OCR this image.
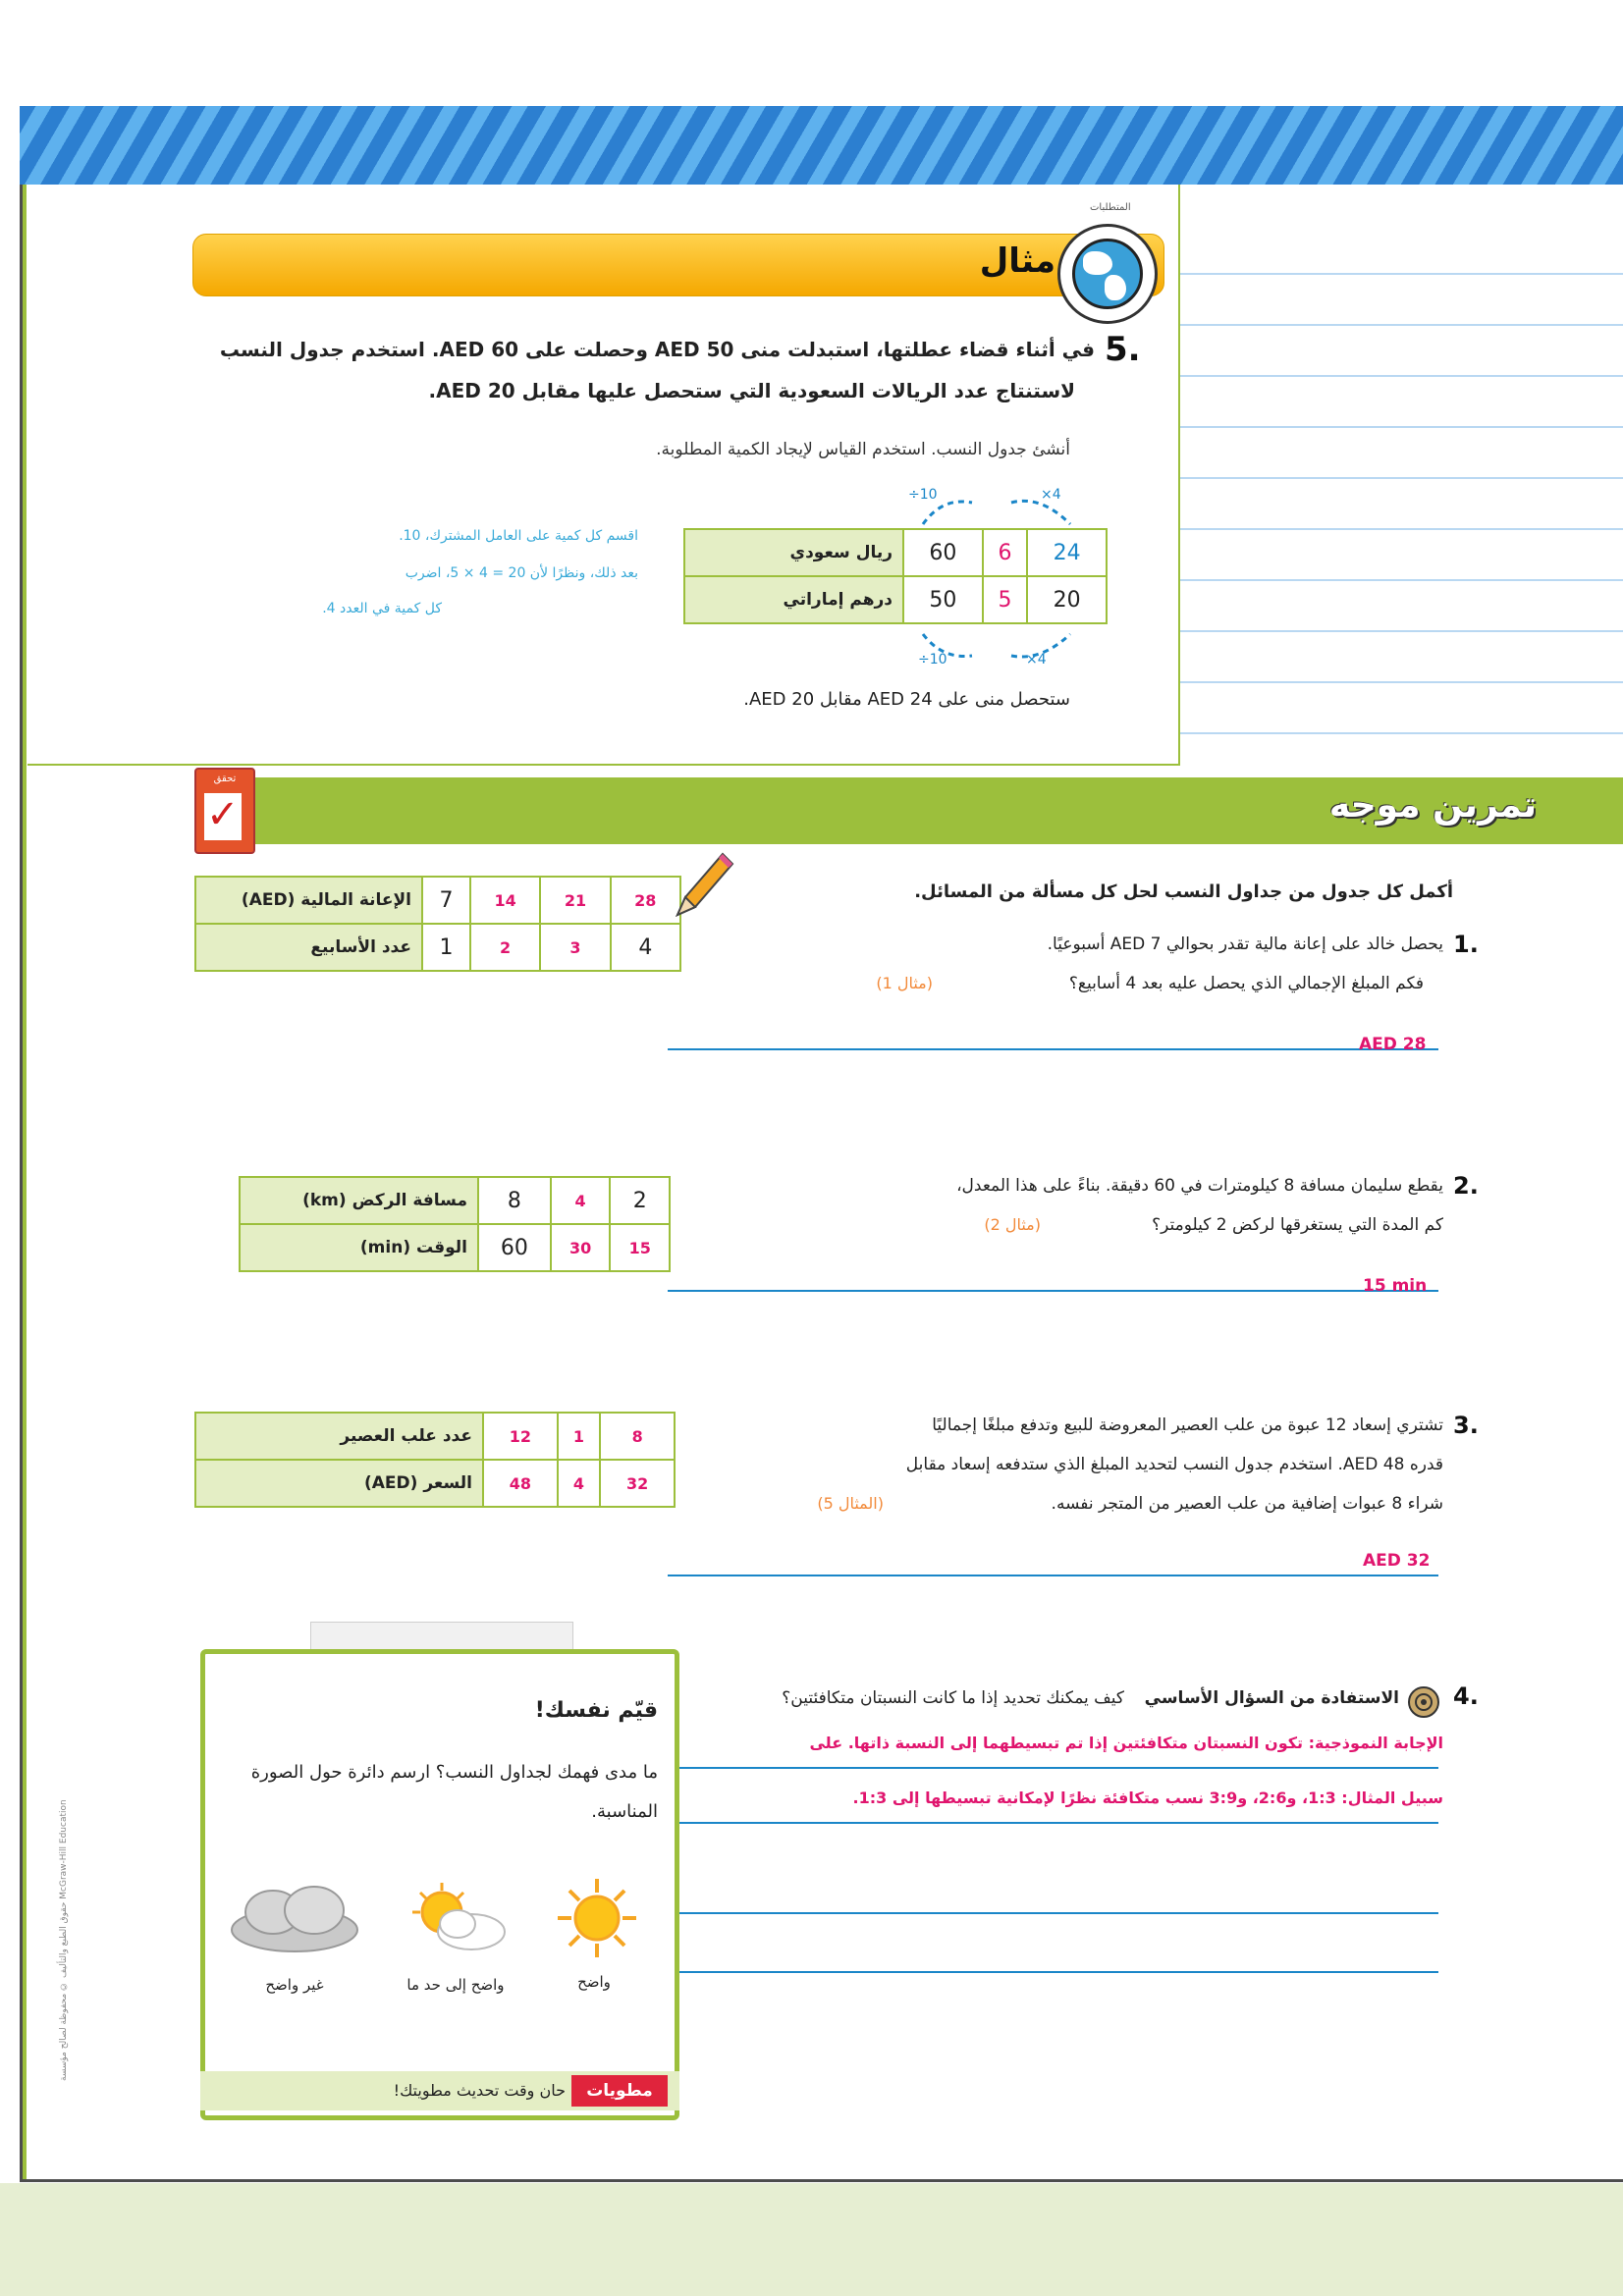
مثال
المتطلبات
5.
في أثناء قضاء عطلتها، استبدلت منى 50 AED وحصلت على 60 AED. استخدم جدول النسب
لاستنتاج عدد الريالات السعودية التي ستحصل عليها مقابل 20 AED.
أنشئ جدول النسب. استخدم القياس لإيجاد الكمية المطلوبة.
اقسم كل كمية على العامل المشترك، 10.
بعد ذلك، ونظرًا لأن 20 = 4 × 5، اضرب
كل كمية في العدد 4.
÷10	×4
ريال سعودي	60	6	24
درهم إماراتي	50	5	20
÷10	×4
ستحصل منى على 24 AED مقابل 20 AED.
تمرين موجه
تحقق
✓
أكمل كل جدول من جداول النسب لحل كل مسألة من المسائل.
1.
يحصل خالد على إعانة مالية تقدر بحوالي 7 AED أسبوعيًا.
فكم المبلغ الإجمالي الذي يحصل عليه بعد 4 أسابيع؟
(مثال 1)
AED 28
الإعانة المالية (AED)	7	14	21	28
عدد الأسابيع	1	2	3	4
2.
يقطع سليمان مسافة 8 كيلومترات في 60 دقيقة. بناءً على هذا المعدل،
كم المدة التي يستغرقها لركض 2 كيلومتر؟
(مثال 2)
15 min
مسافة الركض (km)	8	4	2
الوقت (min)	60	30	15
3.
تشتري إسعاد 12 عبوة من علب العصير المعروضة للبيع وتدفع مبلغًا إجماليًا
قدره 48 AED. استخدم جدول النسب لتحديد المبلغ الذي ستدفعه إسعاد مقابل
شراء 8 عبوات إضافية من علب العصير من المتجر نفسه.
(المثال 5)
AED 32
عدد علب العصير	12	1	8
السعر (AED)	48	4	32
4.
الاستفادة من السؤال الأساسي
كيف يمكنك تحديد إذا ما كانت النسبتان متكافئتين؟
الإجابة النموذجية: تكون النسبتان متكافئتين إذا تم تبسيطهما إلى النسبة ذاتها. على
سبيل المثال: 1:3، و2:6، و3:9 نسب متكافئة نظرًا لإمكانية تبسيطها إلى 1:3.
قيّم نفسك!
ما مدى فهمك لجداول النسب؟ ارسم دائرة حول الصورة المناسبة.
واضح
واضح إلى حد ما
غير واضح
مطويات
حان وقت تحديث مطويتك!
حقوق الطبع والتأليف © محفوظة لصالح مؤسسة McGraw-Hill Education
